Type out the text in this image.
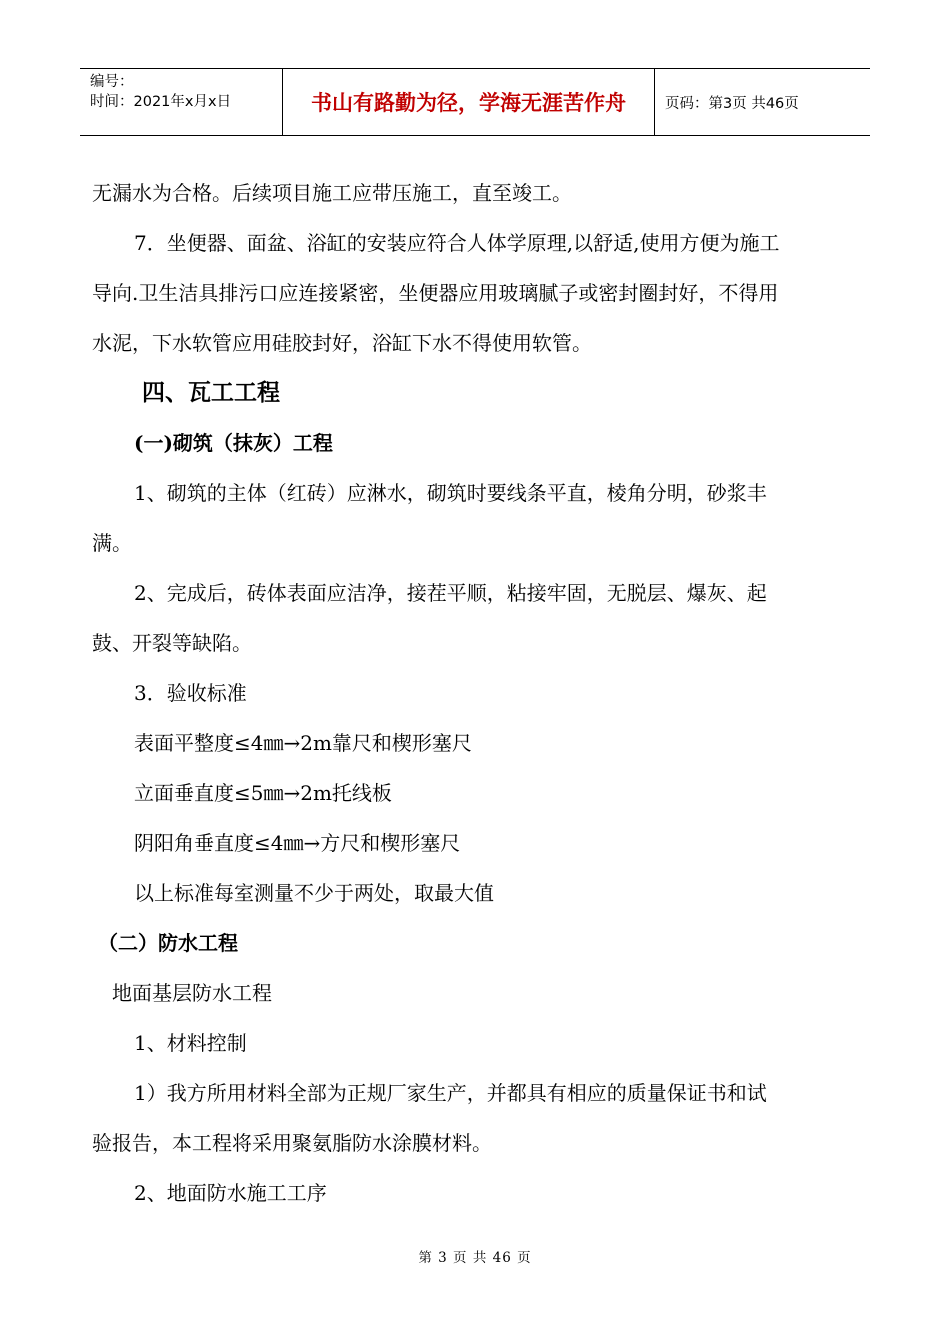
编号：
时间：2021年x月x日	书山有路勤为径，学海无涯苦作舟	页码：第3页 共46页
无漏水为合格。后续项目施工应带压施工，直至竣工。
7．坐便器、面盆、浴缸的安装应符合人体学原理,以舒适,使用方便为施工
导向.卫生洁具排污口应连接紧密，坐便器应用玻璃腻子或密封圈封好，不得用
水泥，下水软管应用硅胶封好，浴缸下水不得使用软管。
四、瓦工工程
(一)砌筑（抹灰）工程
1、砌筑的主体（红砖）应淋水，砌筑时要线条平直，棱角分明，砂浆丰
满。
2、完成后，砖体表面应洁净，接茬平顺，粘接牢固，无脱层、爆灰、起
鼓、开裂等缺陷。
3．验收标准
表面平整度≤4㎜→2m靠尺和楔形塞尺
立面垂直度≤5㎜→2m托线板
阴阳角垂直度≤4㎜→方尺和楔形塞尺
以上标准每室测量不少于两处，取最大值
（二）防水工程
地面基层防水工程
1、材料控制
1）我方所用材料全部为正规厂家生产，并都具有相应的质量保证书和试
验报告，本工程将采用聚氨脂防水涂膜材料。
2、地面防水施工工序
第 3 页 共 46 页
